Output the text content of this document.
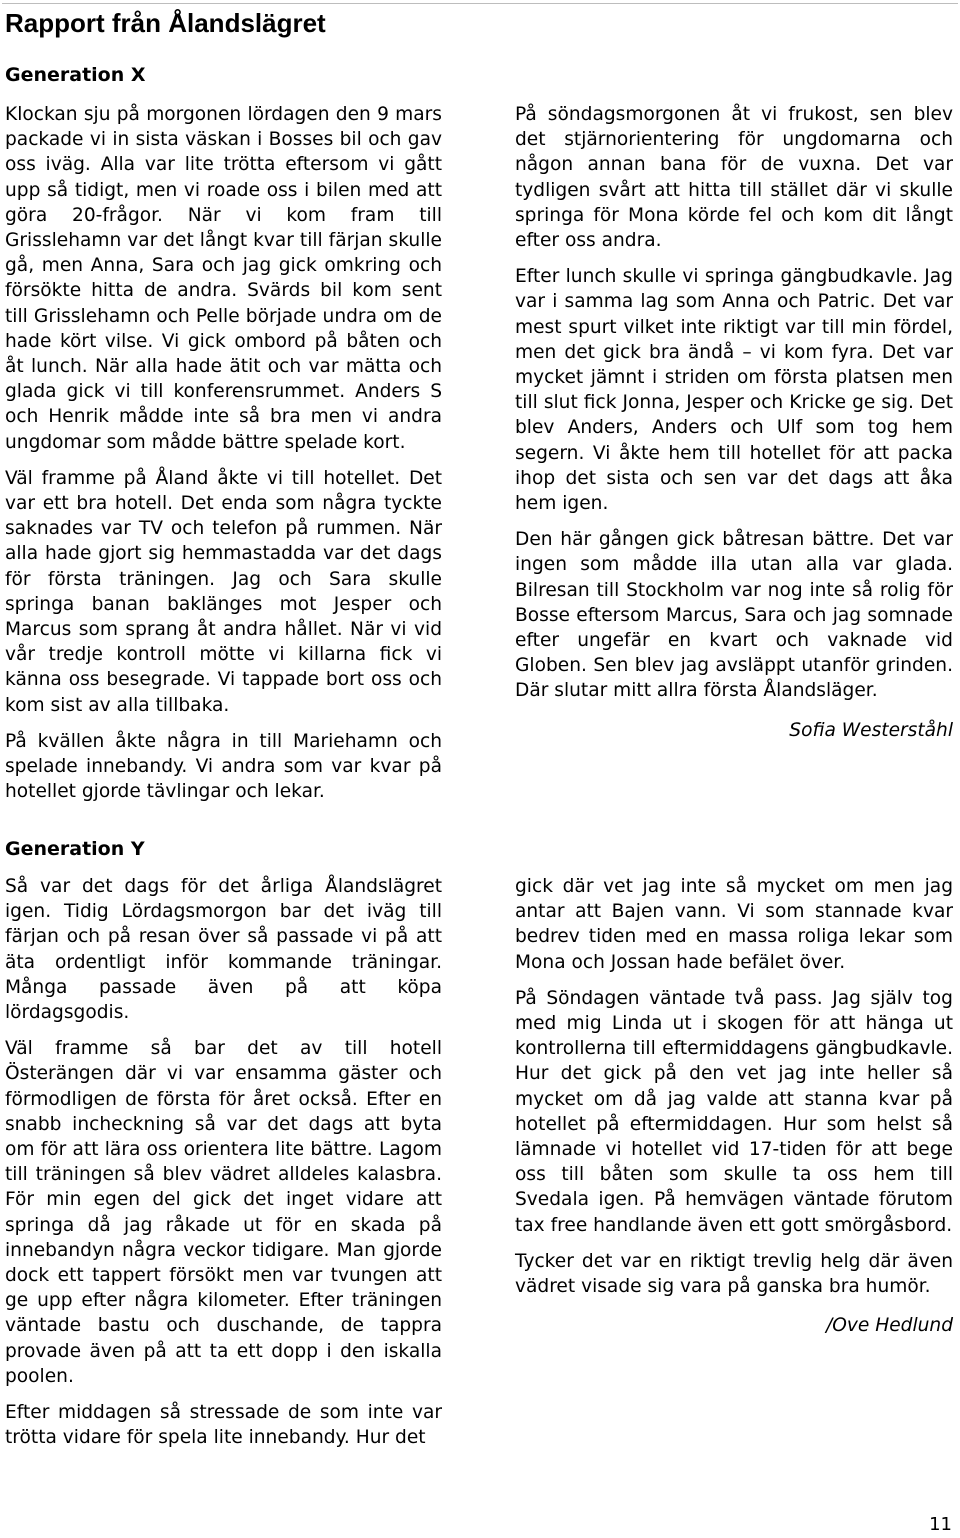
Rapport från Ålandslägret
Generation X

Klockan sju på morgonen lördagen den 9 mars packade vi in sista väskan i Bosses bil och gav oss iväg. Alla var lite trötta eftersom vi gått upp så tidigt, men vi roade oss i bilen med att göra 20-frågor. När vi kom fram till Grisslehamn var det långt kvar till färjan skulle gå, men Anna, Sara och jag gick omkring och försökte hitta de andra. Svärds bil kom sent till Grisslehamn och Pelle började undra om de hade kört vilse. Vi gick ombord på båten och åt lunch. När alla hade ätit och var mätta och glada gick vi till konferensrummet. Anders S och Henrik mådde inte så bra men vi andra ungdomar som mådde bättre spelade kort.

Väl framme på Åland åkte vi till hotellet. Det var ett bra hotell. Det enda som några tyckte saknades var TV och telefon på rummen. När alla hade gjort sig hemmastadda var det dags för första träningen. Jag och Sara skulle springa banan baklänges mot Jesper och Marcus som sprang åt andra hållet. När vi vid vår tredje kontroll mötte vi killarna fick vi känna oss besegrade. Vi tappade bort oss och kom sist av alla tillbaka.

På kvällen åkte några in till Mariehamn och spelade innebandy. Vi andra som var kvar på hotellet gjorde tävlingar och lekar.

På söndagsmorgonen åt vi frukost, sen blev det stjärnorientering för ungdomarna och någon annan bana för de vuxna. Det var tydligen svårt att hitta till stället där vi skulle springa för Mona körde fel och kom dit långt efter oss andra.

Efter lunch skulle vi springa gängbudkavle. Jag var i samma lag som Anna och Patric. Det var mest spurt vilket inte riktigt var till min fördel, men det gick bra ändå – vi kom fyra. Det var mycket jämnt i striden om första platsen men till slut fick Jonna, Jesper och Kricke ge sig. Det blev Anders, Anders och Ulf som tog hem segern. Vi åkte hem till hotellet för att packa ihop det sista och sen var det dags att åka hem igen.

Den här gången gick båtresan bättre. Det var ingen som mådde illa utan alla var glada. Bilresan till Stockholm var nog inte så rolig för Bosse eftersom Marcus, Sara och jag somnade efter ungefär en kvart och vaknade vid Globen. Sen blev jag avsläppt utanför grinden. Där slutar mitt allra första Ålandsläger.

Sofia Westerståhl
Generation Y

Så var det dags för det årliga Ålandslägret igen. Tidig Lördagsmorgon bar det iväg till färjan och på resan över så passade vi på att äta ordentligt inför kommande träningar. Många passade även på att köpa lördagsgodis.

Väl framme så bar det av till hotell Österängen där vi var ensamma gäster och förmodligen de första för året också. Efter en snabb incheckning så var det dags att byta om för att lära oss orientera lite bättre. Lagom till träningen så blev vädret alldeles kalasbra. För min egen del gick det inget vidare att springa då jag råkade ut för en skada på innebandyn några veckor tidigare. Man gjorde dock ett tappert försökt men var tvungen att ge upp efter några kilometer. Efter träningen väntade bastu och duschande, de tappra provade även på att ta ett dopp i den iskalla poolen.

Efter middagen så stressade de som inte var trötta vidare för spela lite innebandy. Hur det

gick där vet jag inte så mycket om men jag antar att Bajen vann. Vi som stannade kvar bedrev tiden med en massa roliga lekar som Mona och Jossan hade befälet över.

På Söndagen väntade två pass. Jag själv tog med mig Linda ut i skogen för att hänga ut kontrollerna till eftermiddagens gängbudkavle. Hur det gick på den vet jag inte heller så mycket om då jag valde att stanna kvar på hotellet på eftermiddagen. Hur som helst så lämnade vi hotellet vid 17-tiden för att bege oss till båten som skulle ta oss hem till Svedala igen. På hemvägen väntade förutom tax free handlande även ett gott smörgåsbord.

Tycker det var en riktigt trevlig helg där även vädret visade sig vara på ganska bra humör.

/Ove Hedlund
11
